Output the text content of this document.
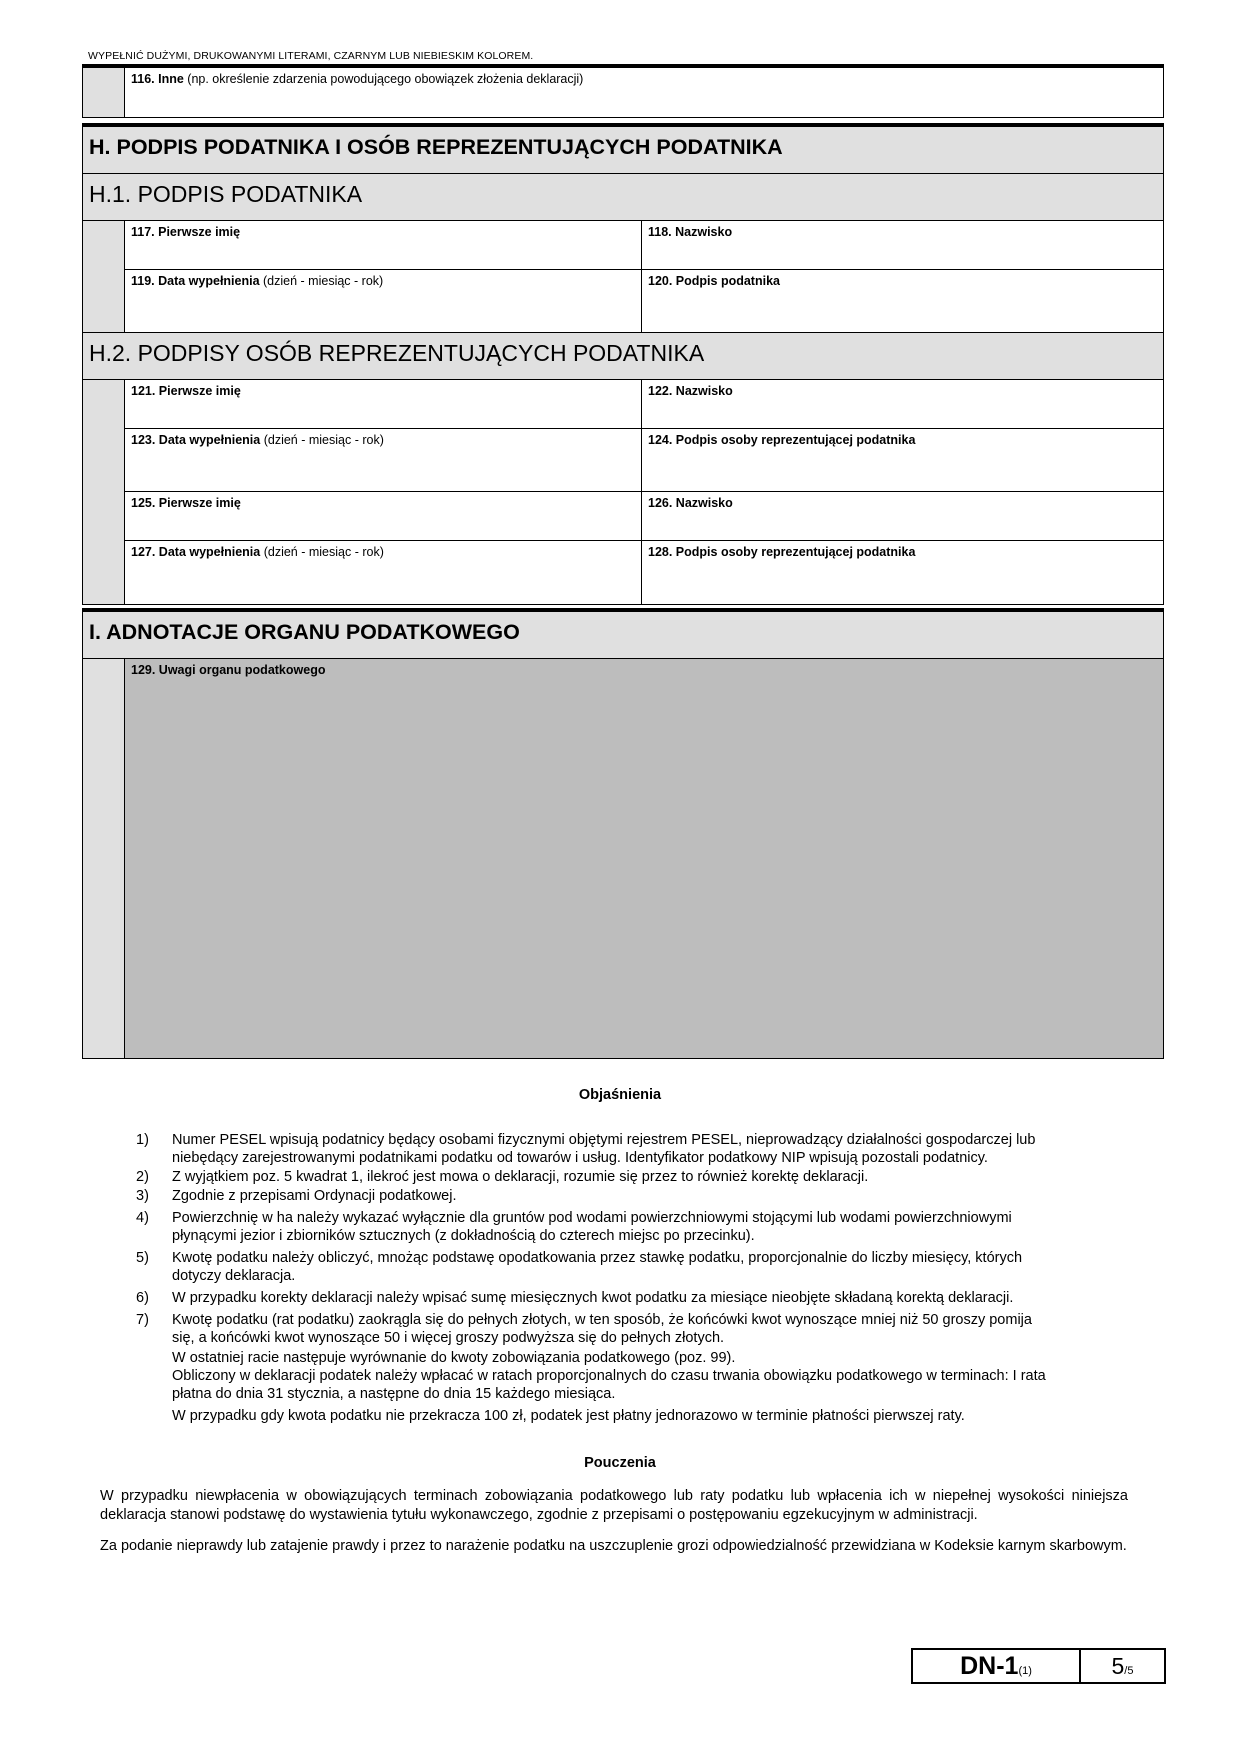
WYPEŁNIĆ DUŻYMI, DRUKOWANYMI LITERAMI, CZARNYM LUB NIEBIESKIM KOLOREM.
116. Inne (np. określenie zdarzenia powodującego obowiązek złożenia deklaracji)
H. PODPIS PODATNIKA I OSÓB REPREZENTUJĄCYCH PODATNIKA
H.1. PODPIS PODATNIKA
117. Pierwsze imię	118. Nazwisko
119. Data wypełnienia (dzień - miesiąc - rok)	120. Podpis podatnika
H.2. PODPISY OSÓB REPREZENTUJĄCYCH PODATNIKA
121. Pierwsze imię	122. Nazwisko
123. Data wypełnienia (dzień - miesiąc - rok)	124. Podpis osoby reprezentującej podatnika
125. Pierwsze imię	126. Nazwisko
127. Data wypełnienia (dzień - miesiąc - rok)	128. Podpis osoby reprezentującej podatnika
I. ADNOTACJE ORGANU PODATKOWEGO
129. Uwagi organu podatkowego
Objaśnienia
1) Numer PESEL wpisują podatnicy będący osobami fizycznymi objętymi rejestrem PESEL, nieprowadzący działalności gospodarczej lub
niebędący zarejestrowanymi podatnikami podatku od towarów i usług. Identyfikator podatkowy NIP wpisują pozostali podatnicy.
2) Z wyjątkiem poz. 5 kwadrat 1, ilekroć jest mowa o deklaracji, rozumie się przez to również korektę deklaracji.
3) Zgodnie z przepisami Ordynacji podatkowej.
4) Powierzchnię w ha należy wykazać wyłącznie dla gruntów pod wodami powierzchniowymi stojącymi lub wodami powierzchniowymi
płynącymi jezior i zbiorników sztucznych (z dokładnością do czterech miejsc po przecinku).
5) Kwotę podatku należy obliczyć, mnożąc podstawę opodatkowania przez stawkę podatku, proporcjonalnie do liczby miesięcy, których
dotyczy deklaracja.
6) W przypadku korekty deklaracji należy wpisać sumę miesięcznych kwot podatku za miesiące nieobjęte składaną korektą deklaracji.
7) Kwotę podatku (rat podatku) zaokrągla się do pełnych złotych, w ten sposób, że końcówki kwot wynoszące mniej niż 50 groszy pomija
się, a końcówki kwot wynoszące 50 i więcej groszy podwyższa się do pełnych złotych.
W ostatniej racie następuje wyrównanie do kwoty zobowiązania podatkowego (poz. 99).
Obliczony w deklaracji podatek należy wpłacać w ratach proporcjonalnych do czasu trwania obowiązku podatkowego w terminach: I rata
płatna do dnia 31 stycznia, a następne do dnia 15 każdego miesiąca.
W przypadku gdy kwota podatku nie przekracza 100 zł, podatek jest płatny jednorazowo w terminie płatności pierwszej raty.
Pouczenia
W przypadku niewpłacenia w obowiązujących terminach zobowiązania podatkowego lub raty podatku lub wpłacenia ich w niepełnej wysokości niniejsza deklaracja stanowi podstawę do wystawienia tytułu wykonawczego, zgodnie z przepisami o postępowaniu egzekucyjnym w administracji.
Za podanie nieprawdy lub zatajenie prawdy i przez to narażenie podatku na uszczuplenie grozi odpowiedzialność przewidziana w Kodeksie karnym skarbowym.
DN-1(1)	5/5
